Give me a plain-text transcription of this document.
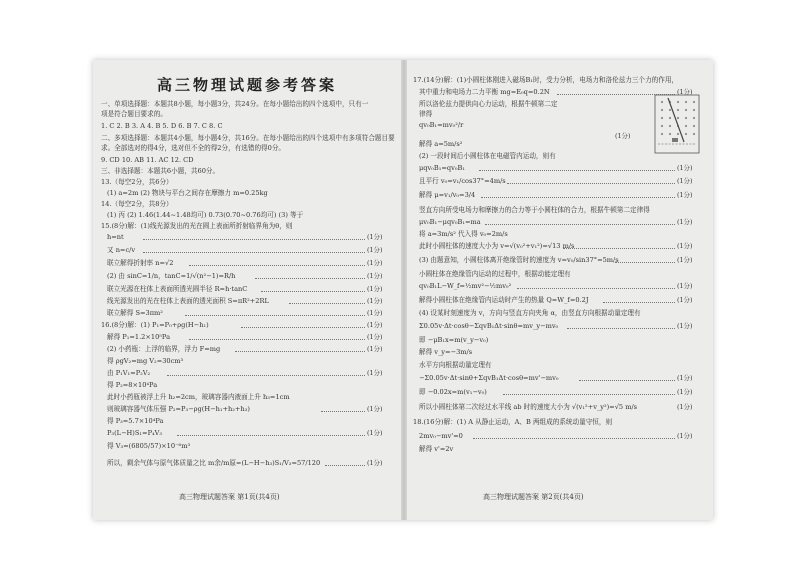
高三物理试题参考答案
一、单项选择题：本题共8小题，每小题3分，共24分。在每小题给出的四个选项中，只有一
项是符合题目要求的。
1. C 2. B 3. A 4. B 5. D 6. B 7. C 8. C
二、多项选择题：本题共4小题，每小题4分，共16分。在每小题给出的四个选项中有多项符合题目要
求。全部选对的得4分，选对但不全的得2分，有选错的得0分。
9. CD 10. AB 11. AC 12. CD
三、非选择题：本题共6小题，共60分。
13.（每空2分，共6分）
(1) a=2m (2) 物块与平台之间存在摩擦力 m=0.25kg
14.（每空2分，共8分）
(1) 丙 (2) 1.46(1.44~1.48均可) 0.73(0.70~0.76均可) (3) 等于
15.(8分)解：(1)线光源发出的光在圆上表面所折射临界角为θ，则
h=nt	(1分)
又 n=c/v	(1分)
联立解得折射率 n=√2	(1分)
(2) 由 sinC=1/n，tanC=1/√(n²−1)=R/h	(1分)
联立光源在柱体上表面所透光圆半径 R=h·tanC	(1分)
线光源发出的光在柱体上表面的透光面积 S=πR²+2RL	(1分)
联立解得 S=3πm²	(1分)
16.(8分)解：(1) P₁=P₀+ρg(H−h₁)	(1分)
解得 P₁=1.2×10⁵Pa	(1分)
(2) 小药瓶：上浮的临界，浮力 F=mg	(1分)
得 ρgV₂=mg V₂=30cm³
由 P₁V₁=P₂V₂	(1分)
得 P₂=8×10⁴Pa
此时小药瓶被浮上升 h₂=2cm，玻璃容器内液面上升 h₃=1cm
则玻璃容器气体压强 P₂=P₃−ρg(H−h₁+h₂+h₃)	(1分)
得 P₃=5.7×10⁴Pa
P₃(L−H)S₁=P₄V₃	(1分)
得 V₃=(6805/57)×10⁻⁶m³
所以，剩余气体与原气体质量之比 m余/m原=(L−H−h₃)S₁/V₃=57/120	(1分)
高三物理试题答案 第1页(共4页)
17.(14分)解：(1)小圆柱体刚进入磁场B₁时，受力分析，电场力和洛伦兹力三个力的作用，
其中重力和电场力二力平衡 mg=E₀q=0.2N	(1分)
所以洛伦兹力提供向心力运动，根据牛顿第二定
律得
qv₀B₁=mv₀²/r
(1分)
解得 a=5m/s²
(2) 一段时间后小圆柱体在电磁管内运动，则有
μqv₀B₁=qv₀B₁	(1分)
且平行 v₀=v₁/cos37°=4m/s	(1分)
解得 μ=v₁/v₀=3/4	(1分)
竖直方向所受电场力和摩擦力的合力等于小圆柱体的合力，根据牛顿第二定律得
μv₀B₁−μqv₀B₁=ma	(1分)
将 a=3m/s² 代入得 v₀=2m/s
此时小圆柱体的速度大小为 v=√(v₀²+v₁²)=√13 m/s	(1分)
(3) 由题意知，小圆柱体离开绝缘管时的速度为 v=v₀/sin37°=5m/s	(1分)
小圆柱体在绝缘管内运动的过程中，根据动能定理有
qv₀B₁L−W_f=½mv²−½mv₀²	(1分)
解得小圆柱体在绝缘管内运动时产生的热量 Q=W_f=0.2J	(1分)
(4) 设某时刻速度为 v，方向与竖直方向夹角 α，由竖直方向根据动量定理有
Σ0.05v·Δt·cosθ−ΣqvB₁Δt·sinθ=mv_y−mv₀	(1分)
即 −μB₁x=m(v_y−v₀)
解得 v_y=−3m/s
水平方向根据动量定理有
−Σ0.05v·Δt·sinθ+ΣqvB₁Δt·cosθ=mv'−mv₀	(1分)
即 −0.02x=m(v₁−v₀)	(1分)
所以小圆柱体第二次经过水平线 ab 时的速度大小为 √(v₁²+v_y²)=√5 m/s	(1分)
18.(16分)解：(1) A 从静止运动，A、B 两组成的系统动量守恒，则
2mv₀−mv'=0	(1分)
解得 v'=2v
高三物理试题答案 第2页(共4页)
